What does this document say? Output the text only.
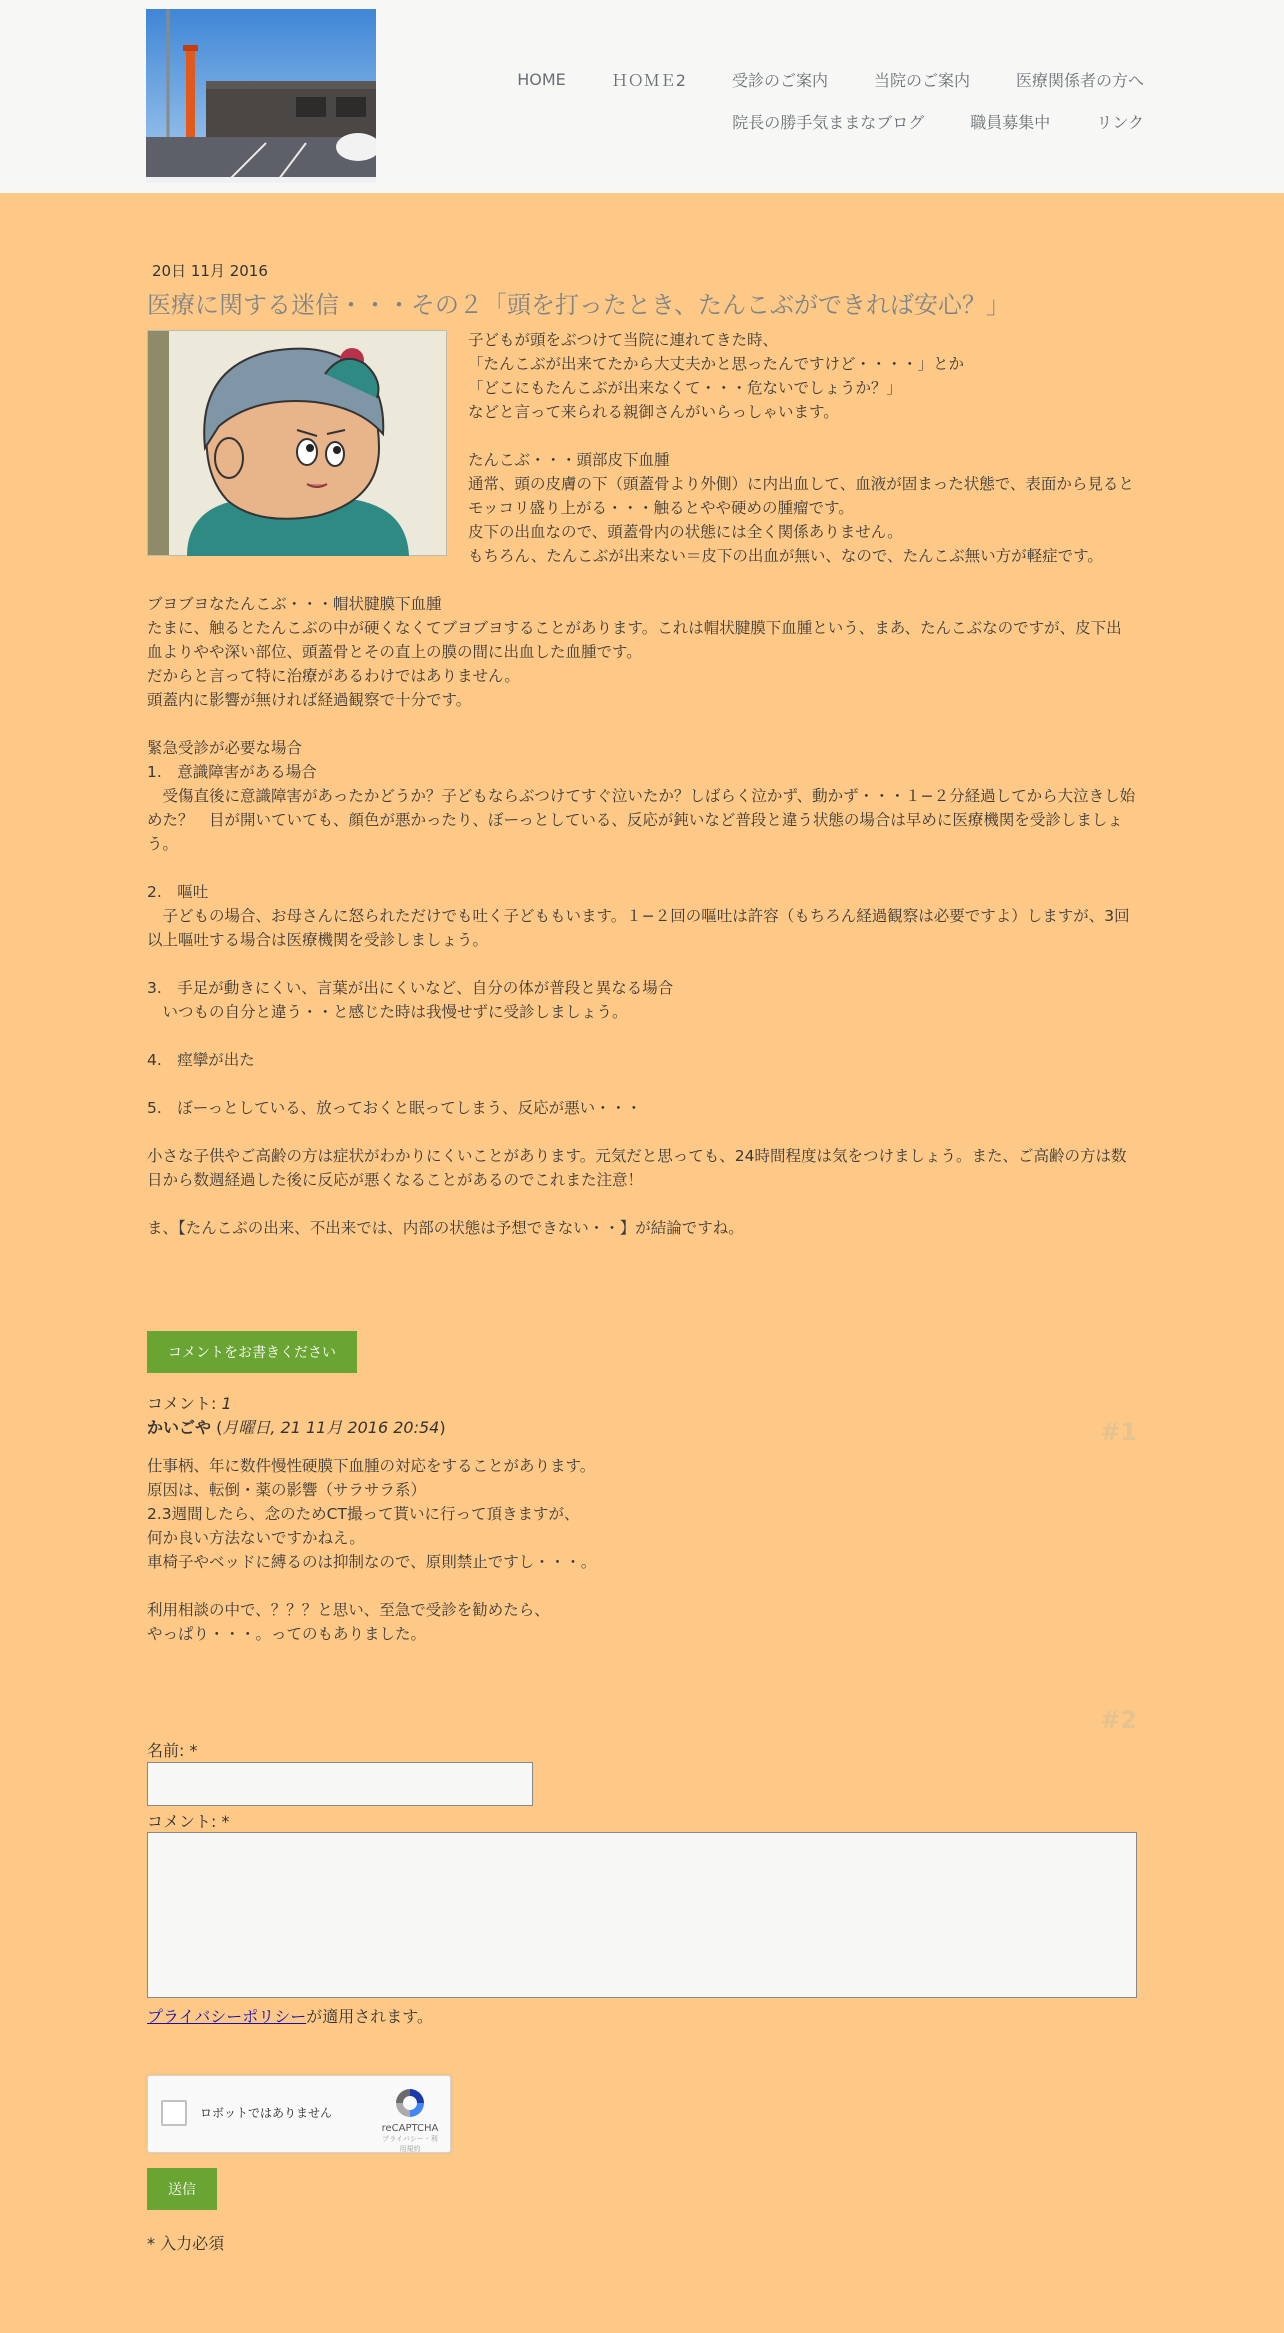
HOME	ＨＯＭＥ2	受診のご案内	当院のご案内	医療関係者の方へ
院長の勝手気ままなブログ	職員募集中	リンク
20日 11月 2016
医療に関する迷信・・・その２「頭を打ったとき、たんこぶができれば安心？」

子どもが頭をぶつけて当院に連れてきた時、
「たんこぶが出来てたから大丈夫かと思ったんですけど・・・・」とか
「どこにもたんこぶが出来なくて・・・危ないでしょうか？」
などと言って来られる親御さんがいらっしゃいます。

たんこぶ・・・頭部皮下血腫
通常、頭の皮膚の下（頭蓋骨より外側）に内出血して、血液が固まった状態で、表面から見るとモッコリ盛り上がる・・・触るとやや硬めの腫瘤です。
皮下の出血なので、頭蓋骨内の状態には全く関係ありません。
もちろん、たんこぶが出来ない＝皮下の出血が無い、なので、たんこぶ無い方が軽症です。

ブヨブヨなたんこぶ・・・帽状腱膜下血腫
たまに、触るとたんこぶの中が硬くなくてブヨブヨすることがあります。これは帽状腱膜下血腫という、まあ、たんこぶなのですが、皮下出血よりやや深い部位、頭蓋骨とその直上の膜の間に出血した血腫です。
だからと言って特に治療があるわけではありません。
頭蓋内に影響が無ければ経過観察で十分です。

緊急受診が必要な場合
1.　意識障害がある場合
　受傷直後に意識障害があったかどうか？子どもならぶつけてすぐ泣いたか？しばらく泣かず、動かず・・・１−２分経過してから大泣きし始めた？　目が開いていても、顔色が悪かったり、ぼーっとしている、反応が鈍いなど普段と違う状態の場合は早めに医療機関を受診しましょう。

2.　嘔吐
　子どもの場合、お母さんに怒られただけでも吐く子どももいます。１−２回の嘔吐は許容（もちろん経過観察は必要ですよ）しますが、3回以上嘔吐する場合は医療機関を受診しましょう。

3.　手足が動きにくい、言葉が出にくいなど、自分の体が普段と異なる場合
　いつもの自分と違う・・と感じた時は我慢せずに受診しましょう。

4.　痙攣が出た

5.　ぼーっとしている、放っておくと眠ってしまう、反応が悪い・・・

小さな子供やご高齢の方は症状がわかりにくいことがあります。元気だと思っても、24時間程度は気をつけましょう。また、ご高齢の方は数日から数週経過した後に反応が悪くなることがあるのでこれまた注意！

ま、【たんこぶの出来、不出来では、内部の状態は予想できない・・】が結論ですね。

コメントをお書きください
コメント: 1
かいごや (月曜日, 21 11月 2016 20:54)	#1

仕事柄、年に数件慢性硬膜下血腫の対応をすることがあります。
原因は、転倒・薬の影響（サラサラ系）
2.3週間したら、念のためCT撮って貰いに行って頂きますが、
何か良い方法ないですかねえ。
車椅子やベッドに縛るのは抑制なので、原則禁止ですし・・・。

利用相談の中で、？？？と思い、至急で受診を勧めたら、
やっぱり・・・。ってのもありました。

#2
名前: *
コメント: *
プライバシーポリシーが適用されます。
ロボットではありません
reCAPTCHA
プライバシー - 利用規約
送信
* 入力必須
